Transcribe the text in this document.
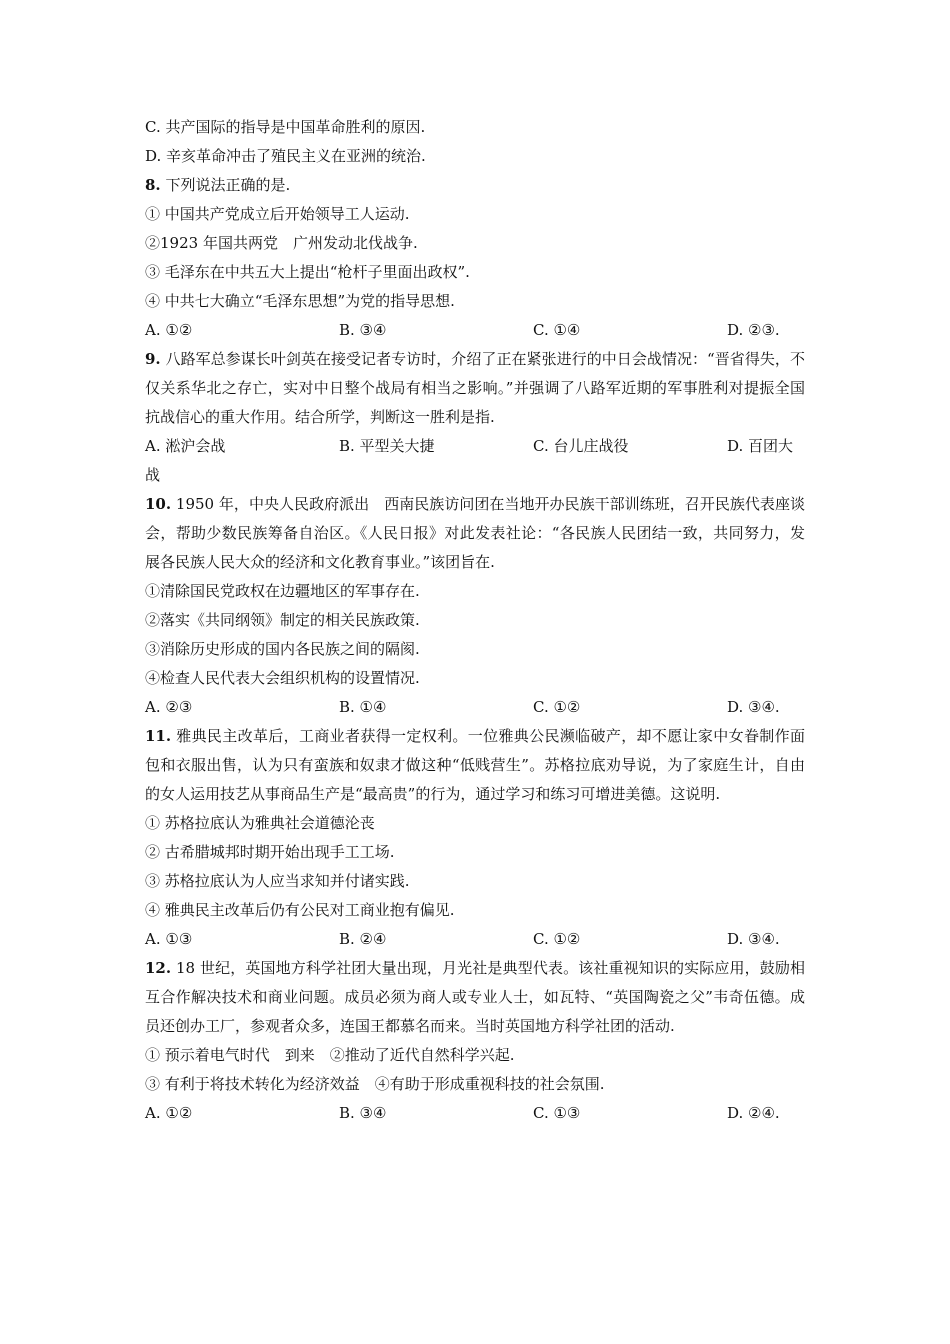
C. 共产国际的指导是中国革命胜利的原因.
D. 辛亥革命冲击了殖民主义在亚洲的统治.
8. 下列说法正确的是.
① 中国共产党成立后开始领导工人运动.
②1923 年国共两党　广州发动北伐战争.
③ 毛泽东在中共五大上提出“枪杆子里面出政权”.
④ 中共七大确立“毛泽东思想”为党的指导思想.
A. ①②	B. ③④	C. ①④	D. ②③.
9. 八路军总参谋长叶剑英在接受记者专访时，介绍了正在紧张进行的中日会战情况：“晋省得失，不仅关系华北之存亡，实对中日整个战局有相当之影响。”并强调了八路军近期的军事胜利对提振全国抗战信心的重大作用。结合所学，判断这一胜利是指.
A. 淞沪会战	B. 平型关大捷	C. 台儿庄战役	D. 百团大
战
10. 1950 年，中央人民政府派出　西南民族访问团在当地开办民族干部训练班，召开民族代表座谈会，帮助少数民族筹备自治区。《人民日报》对此发表社论：“各民族人民团结一致，共同努力，发展各民族人民大众的经济和文化教育事业。”该团旨在.
①清除国民党政权在边疆地区的军事存在.
②落实《共同纲领》制定的相关民族政策.
③消除历史形成的国内各民族之间的隔阂.
④检查人民代表大会组织机构的设置情况.
A. ②③	B. ①④	C. ①②	D. ③④.
11. 雅典民主改革后，工商业者获得一定权利。一位雅典公民濒临破产，却不愿让家中女眷制作面包和衣服出售，认为只有蛮族和奴隶才做这种“低贱营生”。苏格拉底劝导说，为了家庭生计，自由的女人运用技艺从事商品生产是“最高贵”的行为，通过学习和练习可增进美德。这说明.
① 苏格拉底认为雅典社会道德沦丧
② 古希腊城邦时期开始出现手工工场.
③ 苏格拉底认为人应当求知并付诸实践.
④ 雅典民主改革后仍有公民对工商业抱有偏见.
A. ①③	B. ②④	C. ①②	D. ③④.
12. 18 世纪，英国地方科学社团大量出现，月光社是典型代表。该社重视知识的实际应用，鼓励相互合作解决技术和商业问题。成员必须为商人或专业人士，如瓦特、“英国陶瓷之父”韦奇伍德。成员还创办工厂，参观者众多，连国王都慕名而来。当时英国地方科学社团的活动.
① 预示着电气时代　到来　②推动了近代自然科学兴起.
③ 有利于将技术转化为经济效益　④有助于形成重视科技的社会氛围.
A. ①②	B. ③④	C. ①③	D. ②④.
